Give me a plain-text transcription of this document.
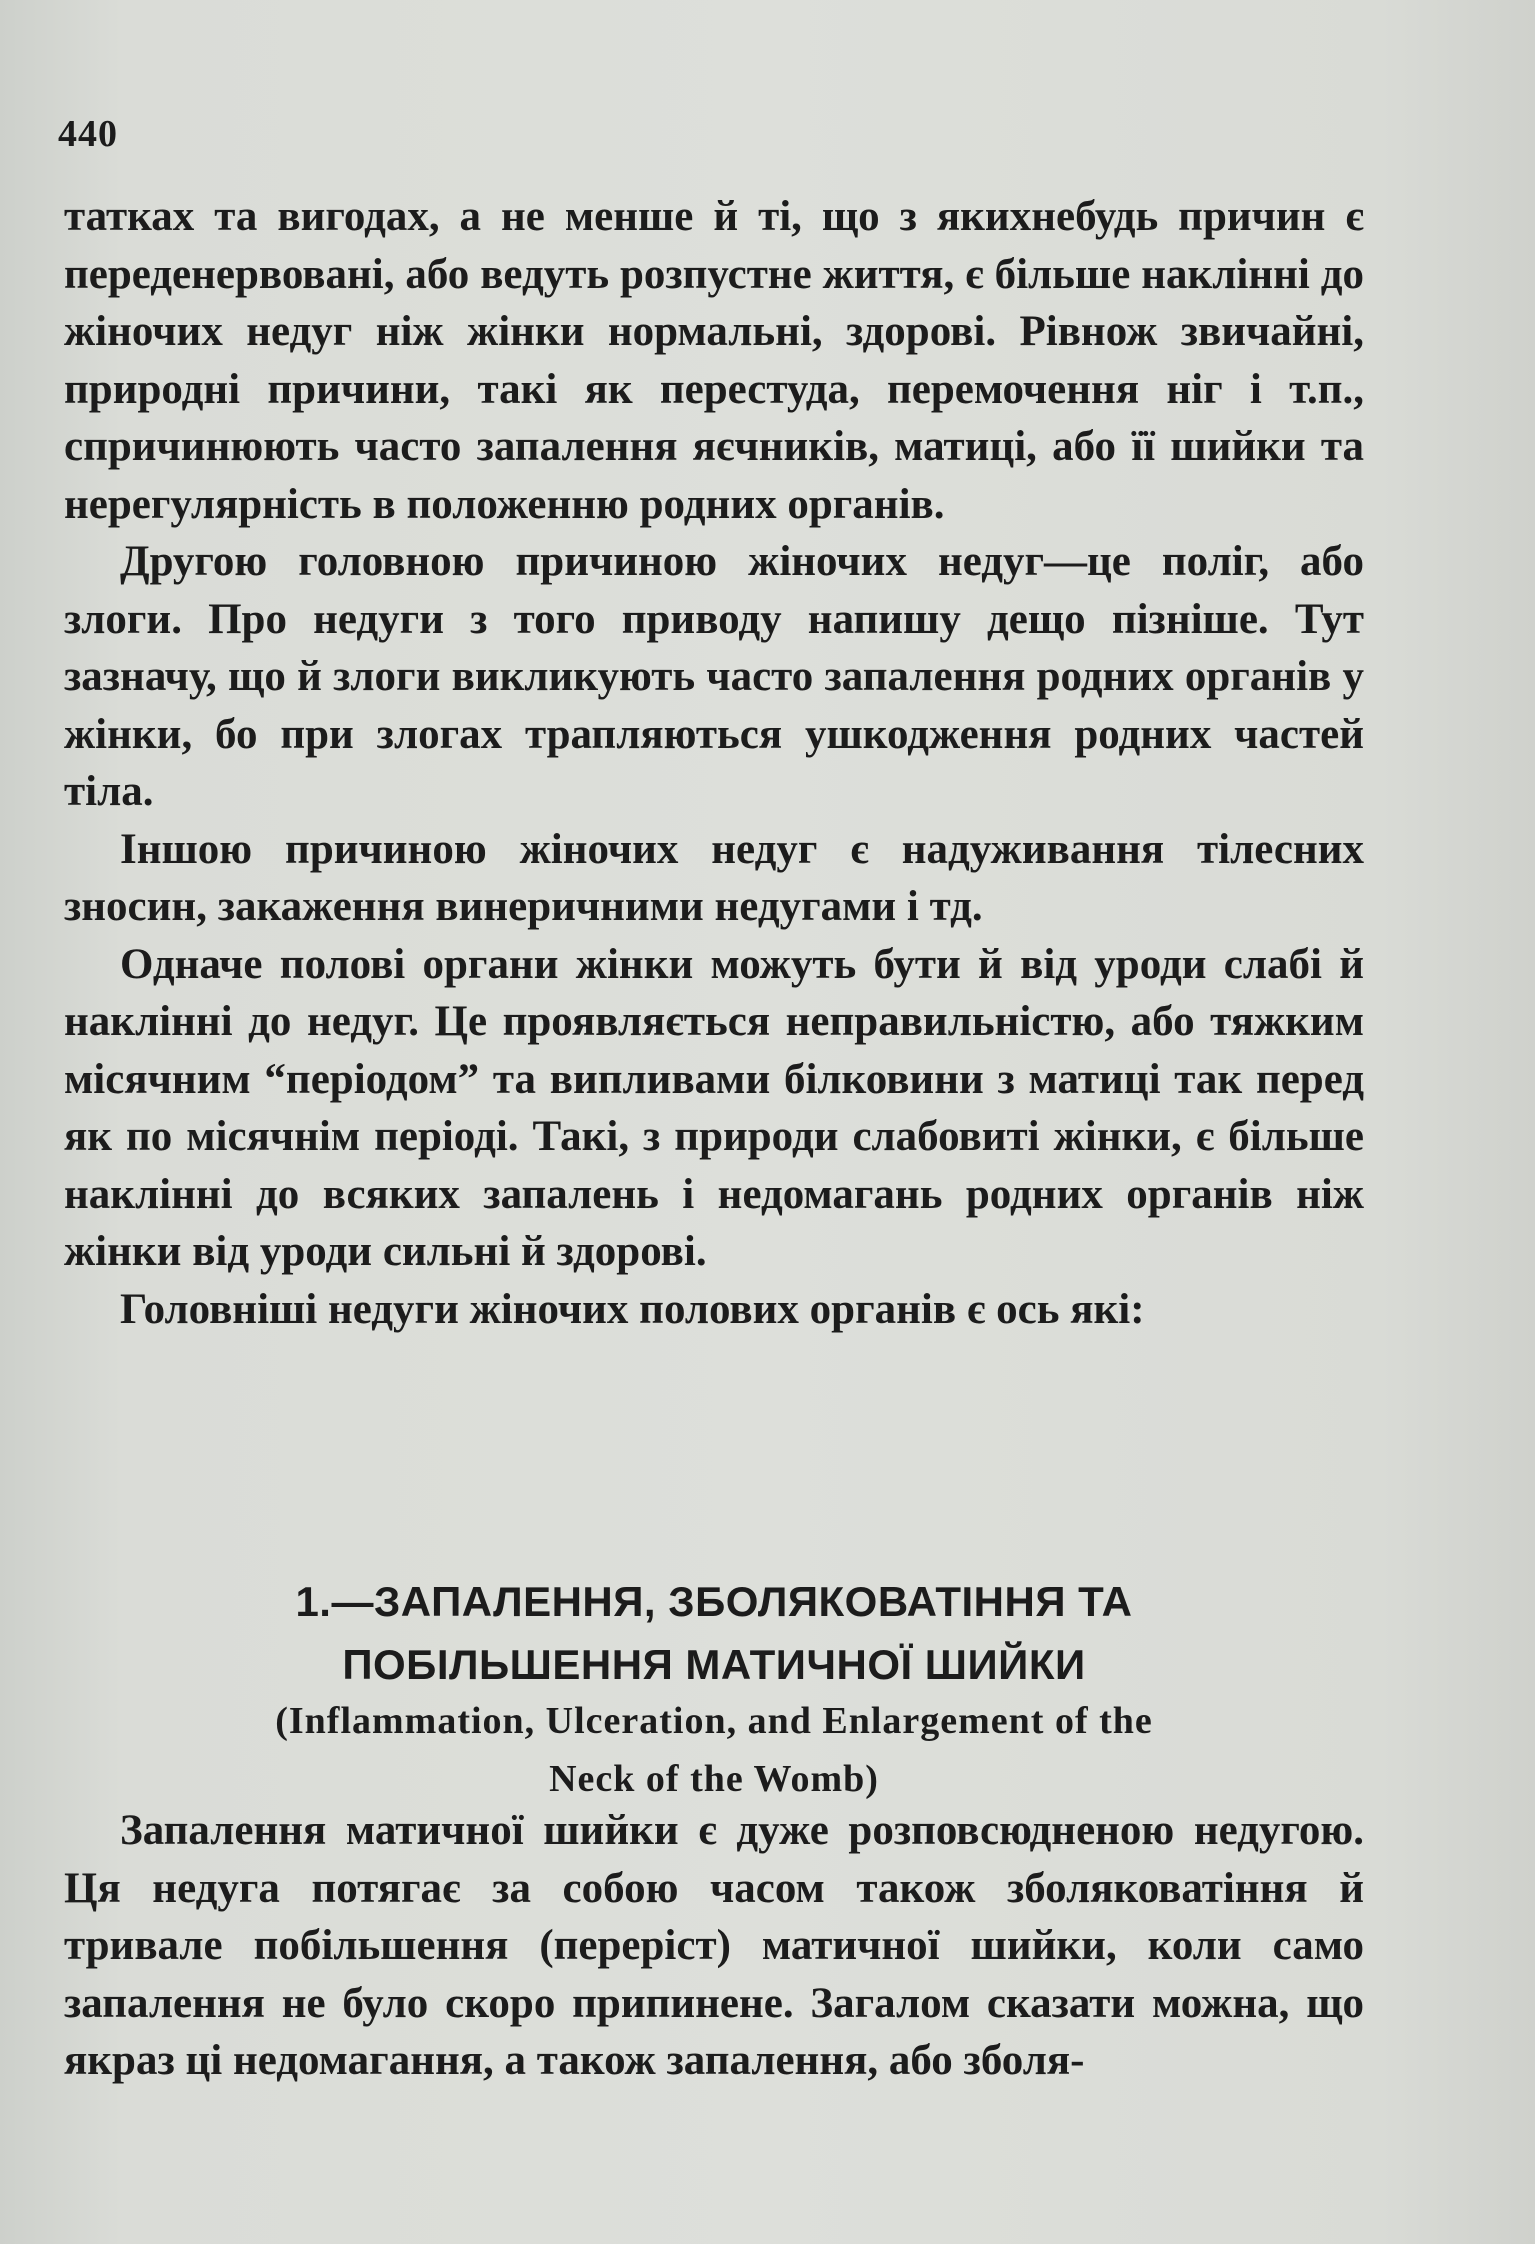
440

татках та вигодах, а не менше й ті, що з якихнебудь причин є переденервовані, або ведуть розпустне життя, є більше наклінні до жіночих недуг ніж жінки нормальні, здорові. Рівнож звичайні, природні причини, такі як перестуда, перемочення ніг і т.п., спричинюють часто запалення яєчників, матиці, або її шийки та нерегулярність в положенню родних органів.

Другою головною причиною жіночих недуг—це поліг, або злоги. Про недуги з того приводу напишу дещо пізніше. Тут зазначу, що й злоги викликують часто запалення родних органів у жінки, бо при злогах трапляються ушкодження родних частей тіла.

Іншою причиною жіночих недуг є надуживання тілесних зносин, закаження винеричними недугами і тд.

Одначе полові органи жінки можуть бути й від уроди слабі й наклінні до недуг. Це проявляється неправильністю, або тяжким місячним “періодом” та випливами білковини з матиці так перед як по місячнім періоді. Такі, з природи слабовиті жінки, є більше наклінні до всяких запалень і недомагань родних органів ніж жінки від уроди сильні й здорові.

Головніші недуги жіночих полових органів є ось які:

1.—ЗАПАЛЕННЯ, ЗБОЛЯКОВАТІННЯ ТА
ПОБІЛЬШЕННЯ МАТИЧНОЇ ШИЙКИ
(Inflammation, Ulceration, and Enlargement of the
Neck of the Womb)

Запалення матичної шийки є дуже розповсюдненою недугою. Ця недуга потягає за собою часом також зболяковатіння й тривале побільшення (переріст) матичної шийки, коли само запалення не було скоро припинене. Загалом сказати можна, що якраз ці недомагання, а також запалення, або зболя-
